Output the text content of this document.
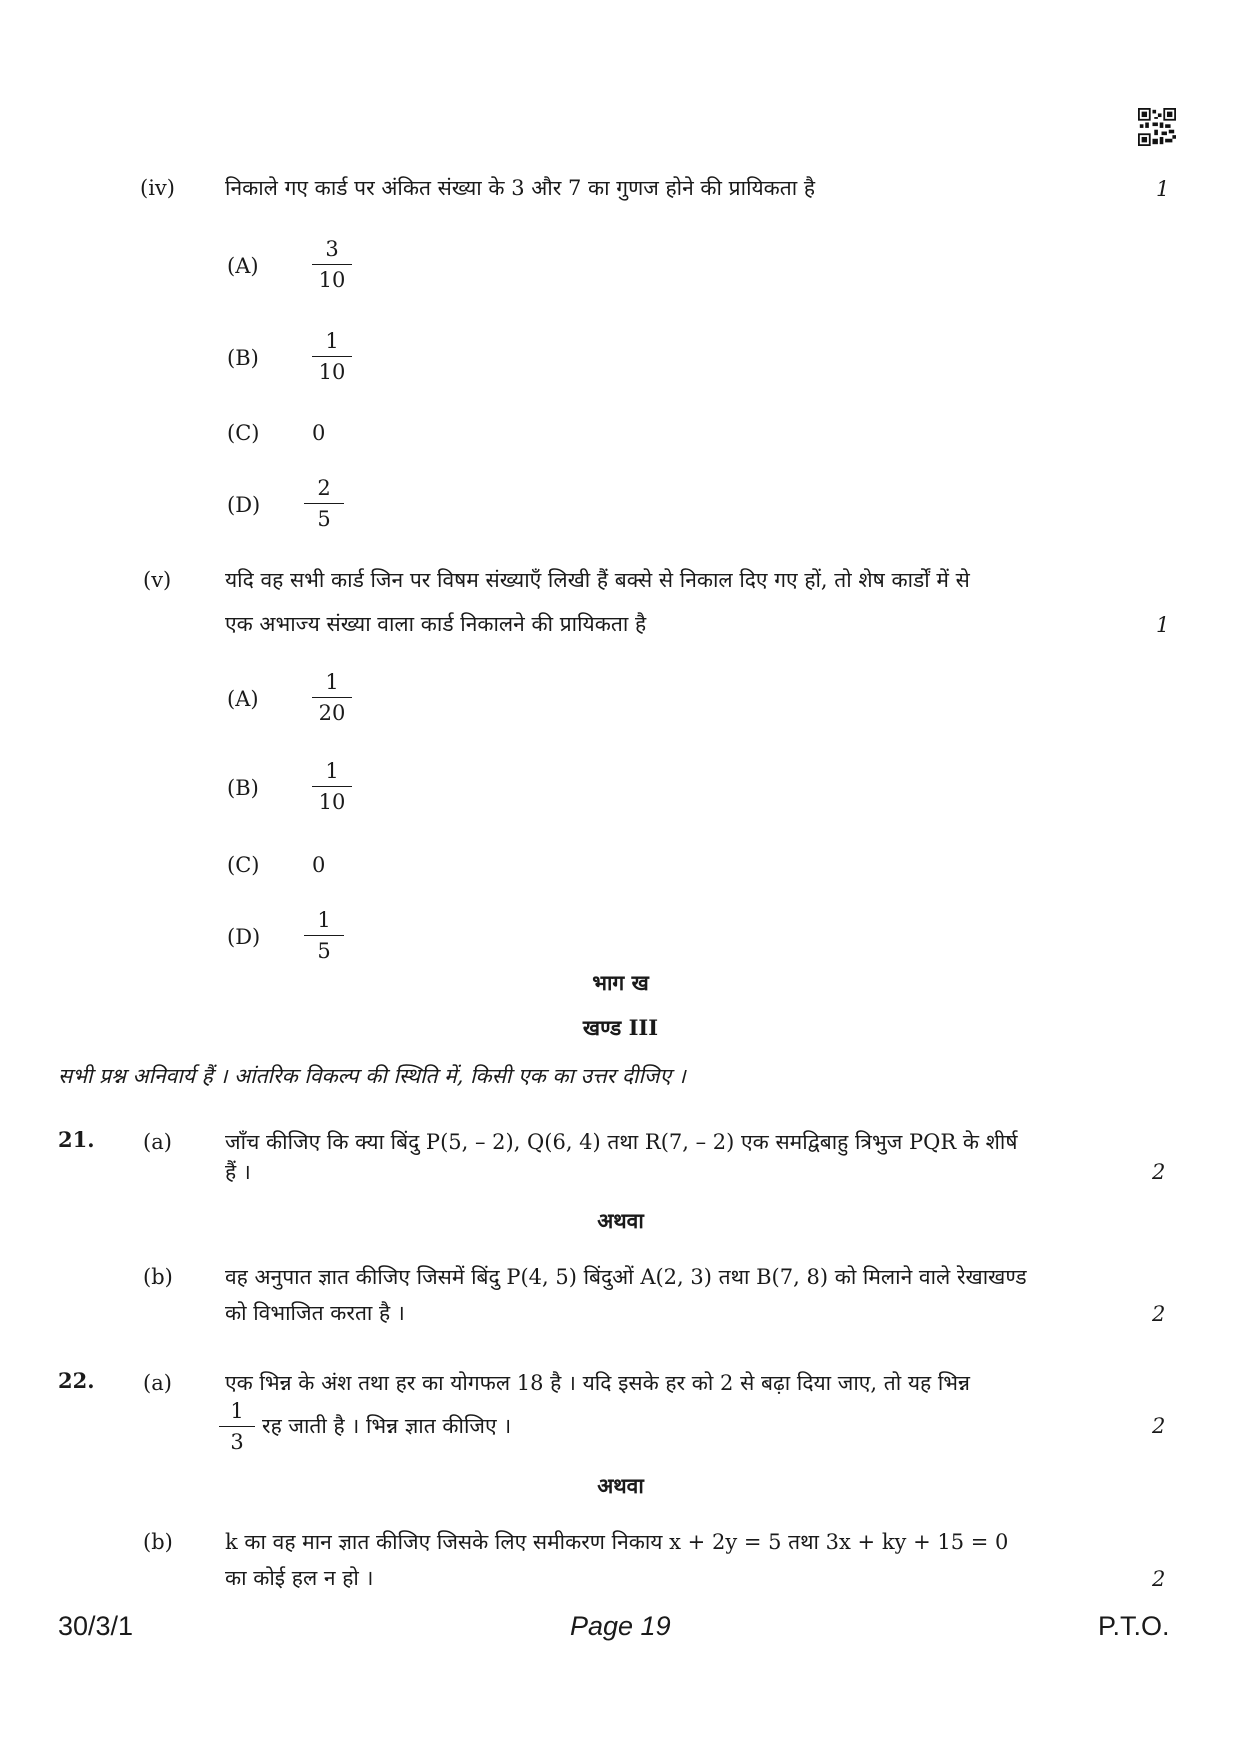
(iv) निकाले गए कार्ड पर अंकित संख्या के 3 और 7 का गुणज होने की प्रायिकता है	1
(A)
3
10
(B)
1
10
(C)	0
(D)
2
5
(v)	यदि वह सभी कार्ड जिन पर विषम संख्याएँ लिखी हैं बक्से से निकाल दिए गए हों, तो शेष कार्डों में से
एक अभाज्य संख्या वाला कार्ड निकालने की प्रायिकता है	1
(A)
1
20
(B)
1
10
(C)	0
(D)
1
5
भाग ख
खण्ड III
सभी प्रश्न अनिवार्य हैं । आंतरिक विकल्प की स्थिति में, किसी एक का उत्तर दीजिए ।
21. (a)	जाँच कीजिए कि क्या बिंदु P(5, – 2), Q(6, 4) तथा R(7, – 2) एक समद्विबाहु त्रिभुज PQR के शीर्ष
हैं ।	2
अथवा
(b) वह अनुपात ज्ञात कीजिए जिसमें बिंदु P(4, 5) बिंदुओं A(2, 3) तथा B(7, 8) को मिलाने वाले रेखाखण्ड
को विभाजित करता है ।	2
22. (a)	एक भिन्न के अंश तथा हर का योगफल 18 है । यदि इसके हर को 2 से बढ़ा दिया जाए, तो यह भिन्न
1
3
रह जाती है । भिन्न ज्ञात कीजिए ।	2
अथवा
(b) k का वह मान ज्ञात कीजिए जिसके लिए समीकरण निकाय x + 2y = 5 तथा 3x + ky + 15 = 0
का कोई हल न हो ।	2
30/3/1	Page 19	P.T.O.
